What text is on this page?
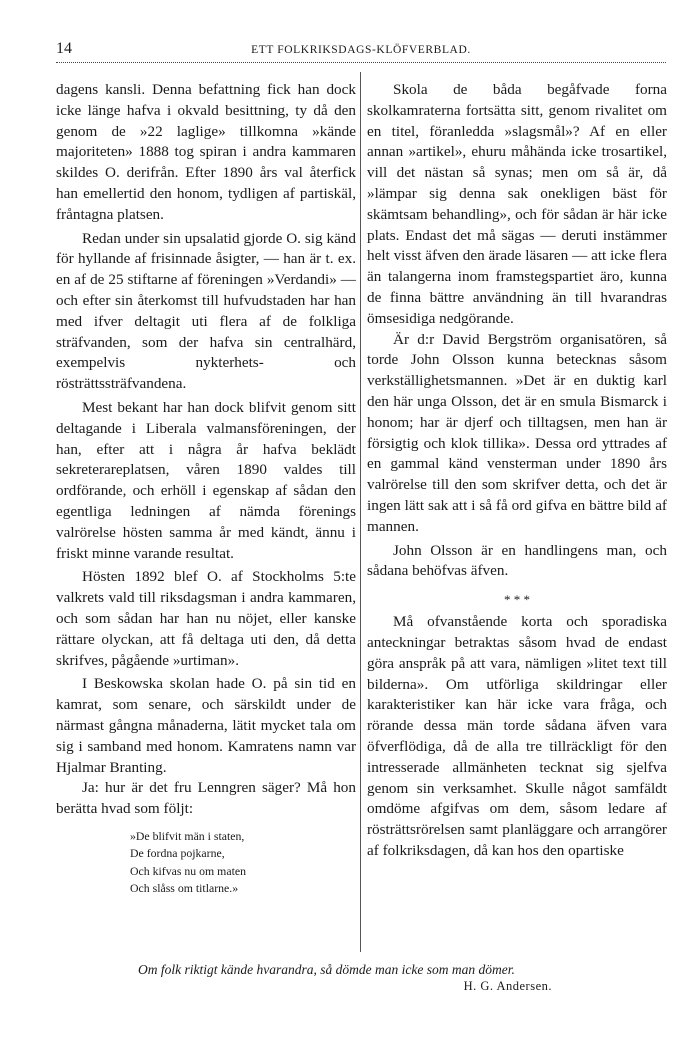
14	ETT FOLKRIKSDAGS-KLÖFVERBLAD.

dagens kansli. Denna befattning fick han dock icke länge hafva i okvald besittning, ty då den genom de »22 laglige» tillkomna »kände majoriteten» 1888 tog spiran i andra kammaren skildes O. derifrån. Efter 1890 års val återfick han emellertid den honom, tydligen af partiskäl, fråntagna platsen.

Redan under sin upsalatid gjorde O. sig känd för hyllande af frisinnade åsigter, — han är t. ex. en af de 25 stiftarne af föreningen »Verdandi» — och efter sin återkomst till hufvudstaden har han med ifver deltagit uti flera af de folkliga sträfvanden, som der hafva sin centralhärd, exempelvis nykterhets- och rösträttssträfvandena.

Mest bekant har han dock blifvit genom sitt deltagande i Liberala valmansföreningen, der han, efter att i några år hafva beklädt sekreterareplatsen, våren 1890 valdes till ordförande, och erhöll i egenskap af sådan den egentliga ledningen af nämda förenings valrörelse hösten samma år med kändt, ännu i friskt minne varande resultat.

Hösten 1892 blef O. af Stockholms 5:te valkrets vald till riksdagsman i andra kammaren, och som sådan har han nu nöjet, eller kanske rättare olyckan, att få deltaga uti den, då detta skrifves, pågående »urtiman».

I Beskowska skolan hade O. på sin tid en kamrat, som senare, och särskildt under de närmast gångna månaderna, lätit mycket tala om sig i samband med honom. Kamratens namn var Hjalmar Branting.

Ja: hur är det fru Lenngren säger? Må hon berätta hvad som följt:

»De blifvit män i staten,
De fordna pojkarne,
Och kifvas nu om maten
Och slåss om titlarne.»

Skola de båda begåfvade forna skolkamraterna fortsätta sitt, genom rivalitet om en titel, föranledda »slagsmål»? Af en eller annan »artikel», ehuru måhända icke trosartikel, vill det nästan så synas; men om så är, då »lämpar sig denna sak onekligen bäst för skämtsam behandling», och för sådan är här icke plats. Endast det må sägas — deruti instämmer helt visst äfven den ärade läsaren — att icke flera än talangerna inom framstegspartiet äro, kunna de finna bättre användning än till hvarandras ömsesidiga nedgörande.

Är d:r David Bergström organisatören, så torde John Olsson kunna betecknas såsom verkställighetsmannen. »Det är en duktig karl den här unga Olsson, det är en smula Bismarck i honom; har är djerf och tilltagsen, men han är försigtig och klok tillika». Dessa ord yttrades af en gammal känd vensterman under 1890 års valrörelse till den som skrifver detta, och det är ingen lätt sak att i så få ord gifva en bättre bild af mannen.

John Olsson är en handlingens man, och sådana behöfvas äfven.

* * *

Må ofvanstående korta och sporadiska anteckningar betraktas såsom hvad de endast göra anspråk på att vara, nämligen »litet text till bilderna». Om utförliga skildringar eller karakteristiker kan här icke vara fråga, och rörande dessa män torde sådana äfven vara öfverflödiga, då de alla tre tillräckligt för den intresserade allmänheten tecknat sig sjelfva genom sin verksamhet. Skulle något samfäldt omdöme afgifvas om dem, såsom ledare af rösträttsrörelsen samt planläggare och arrangörer af folkriksdagen, då kan hos den opartiske

Om folk riktigt kände hvarandra, så dömde man icke som man dömer.
H. G. Andersen.
